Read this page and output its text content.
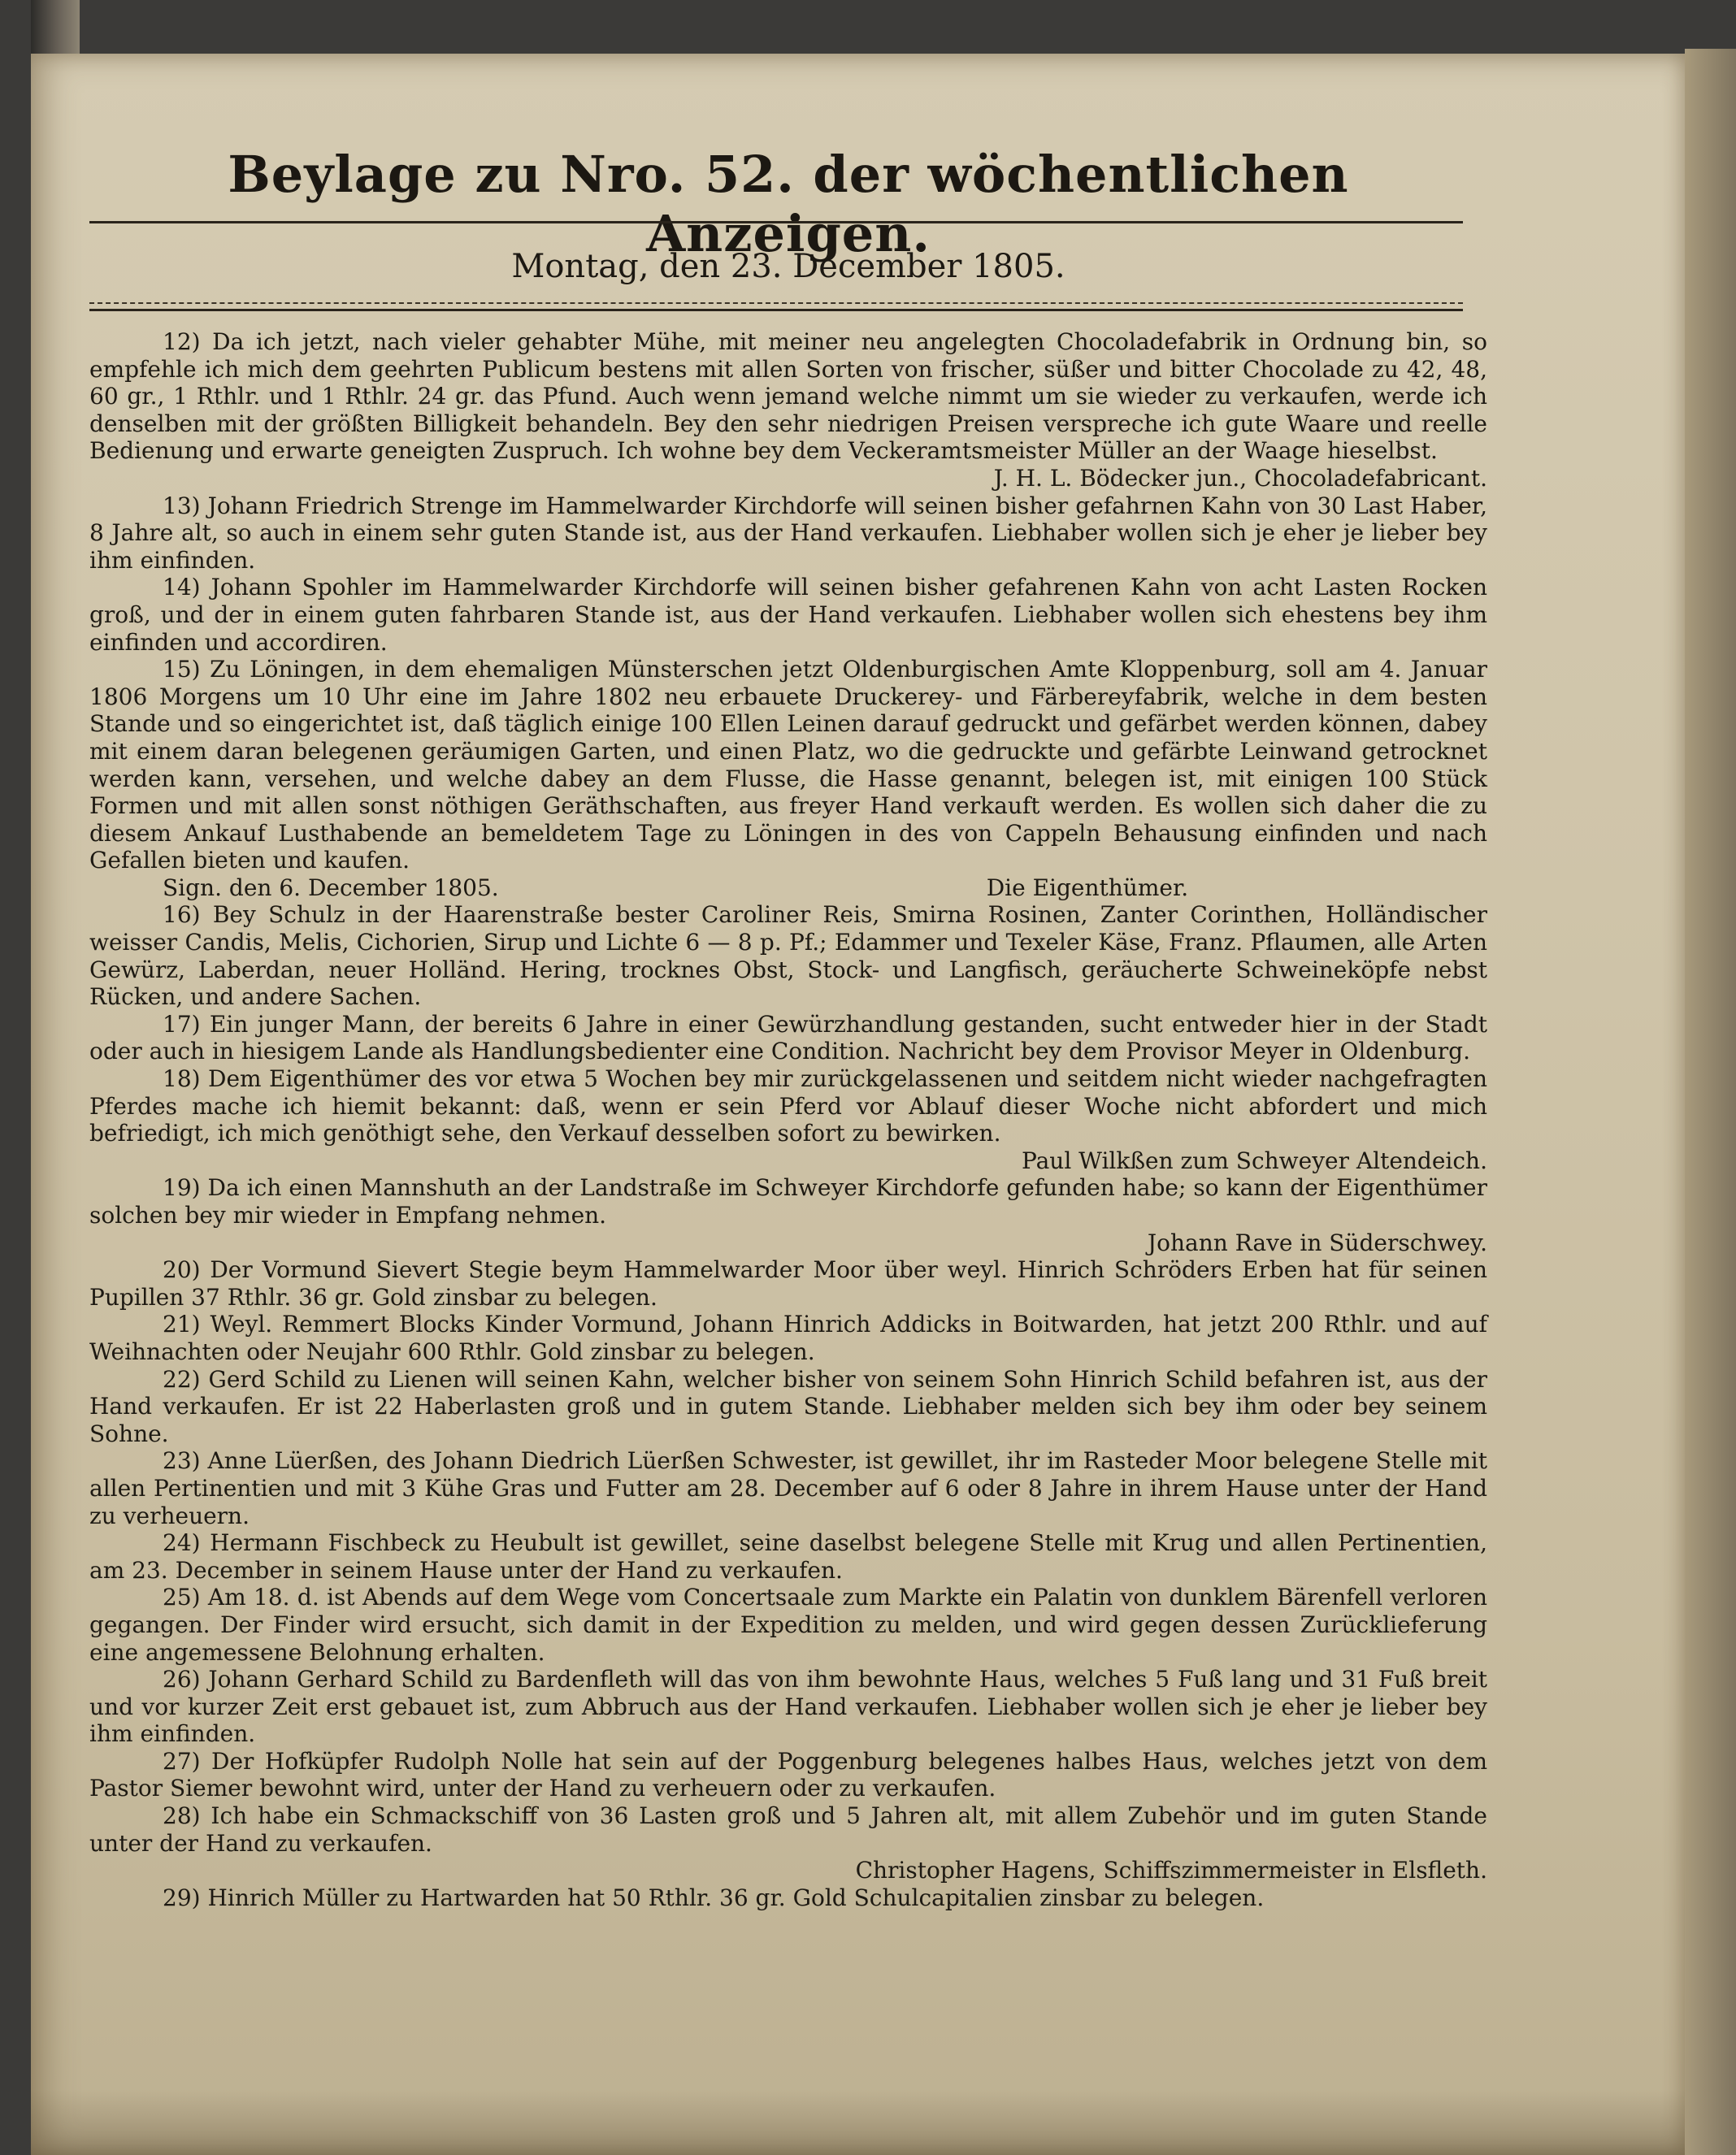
Beylage zu Nro. 52. der wöchentlichen Anzeigen.
Montag, den 23. December 1805.

12) Da ich jetzt, nach vieler gehabter Mühe, mit meiner neu angelegten Chocoladefabrik in Ordnung bin, so empfehle ich mich dem geehrten Publicum bestens mit allen Sorten von frischer, süßer und bitter Chocolade zu 42, 48, 60 gr., 1 Rthlr. und 1 Rthlr. 24 gr. das Pfund. Auch wenn jemand welche nimmt um sie wieder zu verkaufen, werde ich denselben mit der größten Billigkeit behandeln. Bey den sehr niedrigen Preisen verspreche ich gute Waare und reelle Bedienung und erwarte geneigten Zuspruch. Ich wohne bey dem Veckeramtsmeister Müller an der Waage hieselbst.
J. H. L. Bödecker jun., Chocoladefabricant.

13) Johann Friedrich Strenge im Hammelwarder Kirchdorfe will seinen bisher gefahrnen Kahn von 30 Last Haber, 8 Jahre alt, so auch in einem sehr guten Stande ist, aus der Hand verkaufen. Liebhaber wollen sich je eher je lieber bey ihm einfinden.

14) Johann Spohler im Hammelwarder Kirchdorfe will seinen bisher gefahrenen Kahn von acht Lasten Rocken groß, und der in einem guten fahrbaren Stande ist, aus der Hand verkaufen. Liebhaber wollen sich ehestens bey ihm einfinden und accordiren.

15) Zu Löningen, in dem ehemaligen Münsterschen jetzt Oldenburgischen Amte Kloppenburg, soll am 4. Januar 1806 Morgens um 10 Uhr eine im Jahre 1802 neu erbauete Druckerey- und Färbereyfabrik, welche in dem besten Stande und so eingerichtet ist, daß täglich einige 100 Ellen Leinen darauf gedruckt und gefärbet werden können, dabey mit einem daran belegenen geräumigen Garten, und einen Platz, wo die gedruckte und gefärbte Leinwand getrocknet werden kann, versehen, und welche dabey an dem Flusse, die Hasse genannt, belegen ist, mit einigen 100 Stück Formen und mit allen sonst nöthigen Geräthschaften, aus freyer Hand verkauft werden. Es wollen sich daher die zu diesem Ankauf Lusthabende an bemeldetem Tage zu Löningen in des von Cappeln Behausung einfinden und nach Gefallen bieten und kaufen.

Sign. den 6. December 1805.	Die Eigenthümer.

16) Bey Schulz in der Haarenstraße bester Caroliner Reis, Smirna Rosinen, Zanter Corinthen, Holländischer weisser Candis, Melis, Cichorien, Sirup und Lichte 6 — 8 p. Pf.; Edammer und Texeler Käse, Franz. Pflaumen, alle Arten Gewürz, Laberdan, neuer Holländ. Hering, trocknes Obst, Stock- und Langfisch, geräucherte Schweineköpfe nebst Rücken, und andere Sachen.

17) Ein junger Mann, der bereits 6 Jahre in einer Gewürzhandlung gestanden, sucht entweder hier in der Stadt oder auch in hiesigem Lande als Handlungsbedienter eine Condition. Nachricht bey dem Provisor Meyer in Oldenburg.

18) Dem Eigenthümer des vor etwa 5 Wochen bey mir zurückgelassenen und seitdem nicht wieder nachgefragten Pferdes mache ich hiemit bekannt: daß, wenn er sein Pferd vor Ablauf dieser Woche nicht abfordert und mich befriedigt, ich mich genöthigt sehe, den Verkauf desselben sofort zu bewirken.
Paul Wilkßen zum Schweyer Altendeich.

19) Da ich einen Mannshuth an der Landstraße im Schweyer Kirchdorfe gefunden habe; so kann der Eigenthümer solchen bey mir wieder in Empfang nehmen.
Johann Rave in Süderschwey.

20) Der Vormund Sievert Stegie beym Hammelwarder Moor über weyl. Hinrich Schröders Erben hat für seinen Pupillen 37 Rthlr. 36 gr. Gold zinsbar zu belegen.

21) Weyl. Remmert Blocks Kinder Vormund, Johann Hinrich Addicks in Boitwarden, hat jetzt 200 Rthlr. und auf Weihnachten oder Neujahr 600 Rthlr. Gold zinsbar zu belegen.

22) Gerd Schild zu Lienen will seinen Kahn, welcher bisher von seinem Sohn Hinrich Schild befahren ist, aus der Hand verkaufen. Er ist 22 Haberlasten groß und in gutem Stande. Liebhaber melden sich bey ihm oder bey seinem Sohne.

23) Anne Lüerßen, des Johann Diedrich Lüerßen Schwester, ist gewillet, ihr im Rasteder Moor belegene Stelle mit allen Pertinentien und mit 3 Kühe Gras und Futter am 28. December auf 6 oder 8 Jahre in ihrem Hause unter der Hand zu verheuern.

24) Hermann Fischbeck zu Heubult ist gewillet, seine daselbst belegene Stelle mit Krug und allen Pertinentien, am 23. December in seinem Hause unter der Hand zu verkaufen.

25) Am 18. d. ist Abends auf dem Wege vom Concertsaale zum Markte ein Palatin von dunklem Bärenfell verloren gegangen. Der Finder wird ersucht, sich damit in der Expedition zu melden, und wird gegen dessen Zurücklieferung eine angemessene Belohnung erhalten.

26) Johann Gerhard Schild zu Bardenfleth will das von ihm bewohnte Haus, welches 5 Fuß lang und 31 Fuß breit und vor kurzer Zeit erst gebauet ist, zum Abbruch aus der Hand verkaufen. Liebhaber wollen sich je eher je lieber bey ihm einfinden.

27) Der Hofküpfer Rudolph Nolle hat sein auf der Poggenburg belegenes halbes Haus, welches jetzt von dem Pastor Siemer bewohnt wird, unter der Hand zu verheuern oder zu verkaufen.

28) Ich habe ein Schmackschiff von 36 Lasten groß und 5 Jahren alt, mit allem Zubehör und im guten Stande unter der Hand zu verkaufen.
Christopher Hagens, Schiffszimmermeister in Elsfleth.

29) Hinrich Müller zu Hartwarden hat 50 Rthlr. 36 gr. Gold Schulcapitalien zinsbar zu belegen.
